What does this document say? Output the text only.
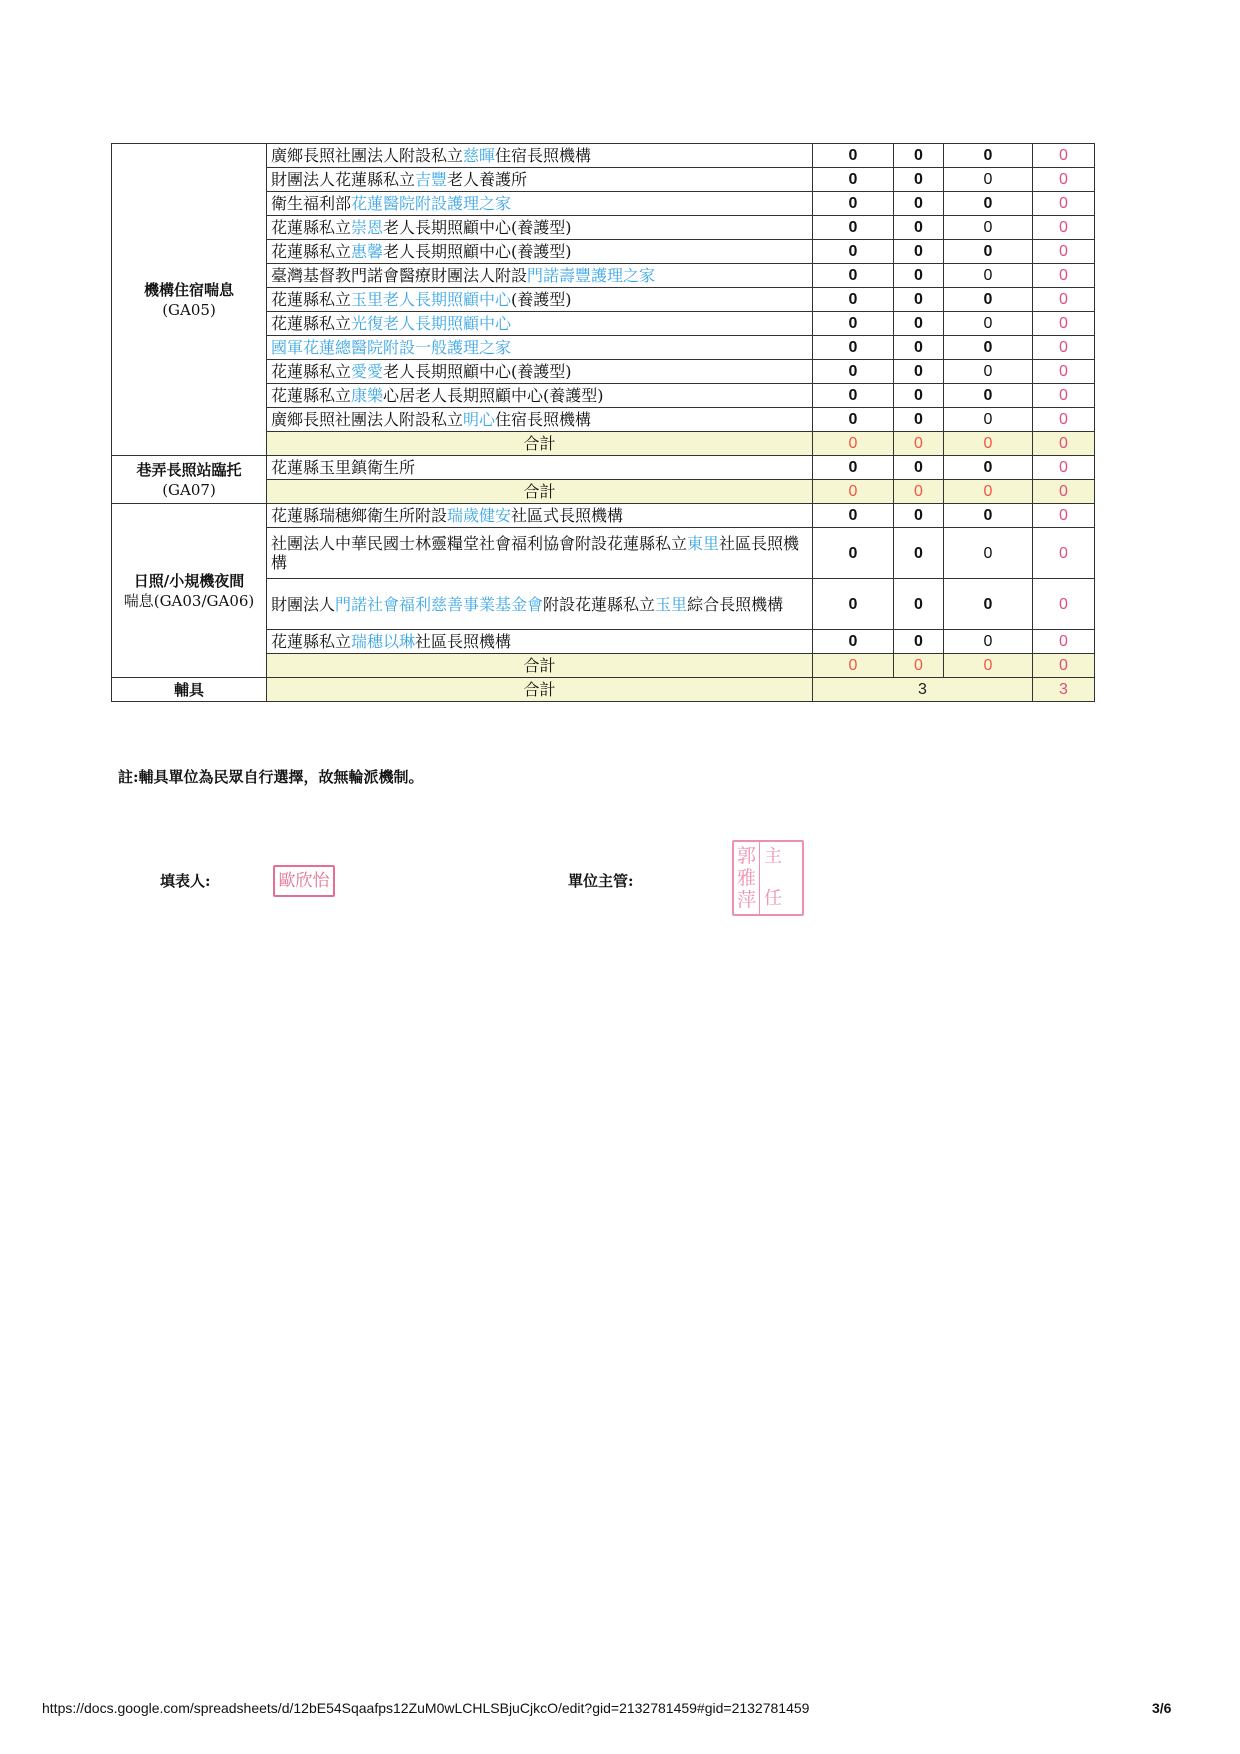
機構住宿喘息
(GA05)	廣鄉長照社團法人附設私立慈暉住宿長照機構	0	0	0	0
	財團法人花蓮縣私立吉豐老人養護所	0	0	0	0
	衛生福利部花蓮醫院附設護理之家	0	0	0	0
	花蓮縣私立崇恩老人長期照顧中心(養護型)	0	0	0	0
	花蓮縣私立惠馨老人長期照顧中心(養護型)	0	0	0	0
	臺灣基督教門諾會醫療財團法人附設門諾壽豐護理之家	0	0	0	0
	花蓮縣私立玉里老人長期照顧中心(養護型)	0	0	0	0
	花蓮縣私立光復老人長期照顧中心	0	0	0	0
	國軍花蓮總醫院附設一般護理之家	0	0	0	0
	花蓮縣私立愛愛老人長期照顧中心(養護型)	0	0	0	0
	花蓮縣私立康樂心居老人長期照顧中心(養護型)	0	0	0	0
	廣鄉長照社團法人附設私立明心住宿長照機構	0	0	0	0
	合計	0	0	0	0
巷弄長照站臨托
(GA07)	花蓮縣玉里鎮衛生所	0	0	0	0
	合計	0	0	0	0
日照/小規機夜間
喘息(GA03/GA06)	花蓮縣瑞穗鄉衛生所附設瑞歲健安社區式長照機構	0	0	0	0
	社團法人中華民國士林靈糧堂社會福利協會附設花蓮縣私立東里社區長照機構	0	0	0	0
	財團法人門諾社會福利慈善事業基金會附設花蓮縣私立玉里綜合長照機構	0	0	0	0
	花蓮縣私立瑞穗以琳社區長照機構	0	0	0	0
	合計	0	0	0	0
輔具	合計	3			3
註:輔具單位為民眾自行選擇，故無輪派機制。
填表人:	歐欣怡	單位主管:
郭
雅
萍
主
任
https://docs.google.com/spreadsheets/d/12bE54Sqaafps12ZuM0wLCHLSBjuCjkcO/edit?gid=2132781459#gid=2132781459	3/6
